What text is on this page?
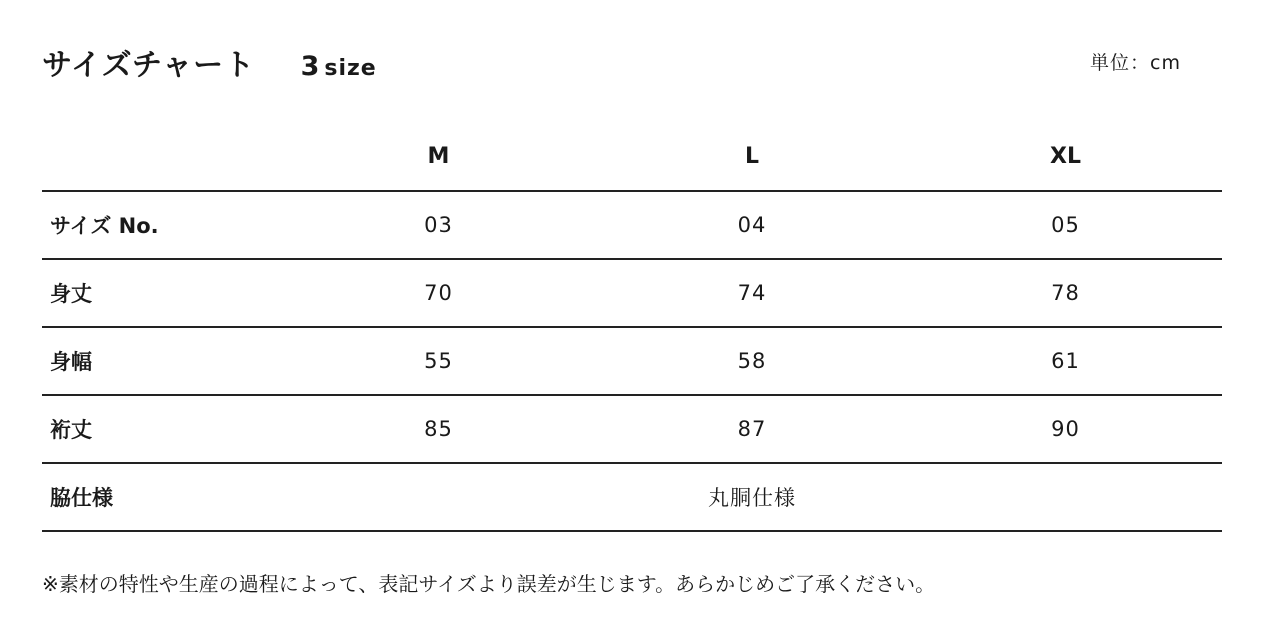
サイズチャート 3 size	単位：cm
	M	L	XL
サイズ No.	03	04	05
身丈	70	74	78
身幅	55	58	61
裄丈	85	87	90
脇仕様	丸胴仕様		
※素材の特性や生産の過程によって、表記サイズより誤差が生じます。あらかじめご了承ください。
